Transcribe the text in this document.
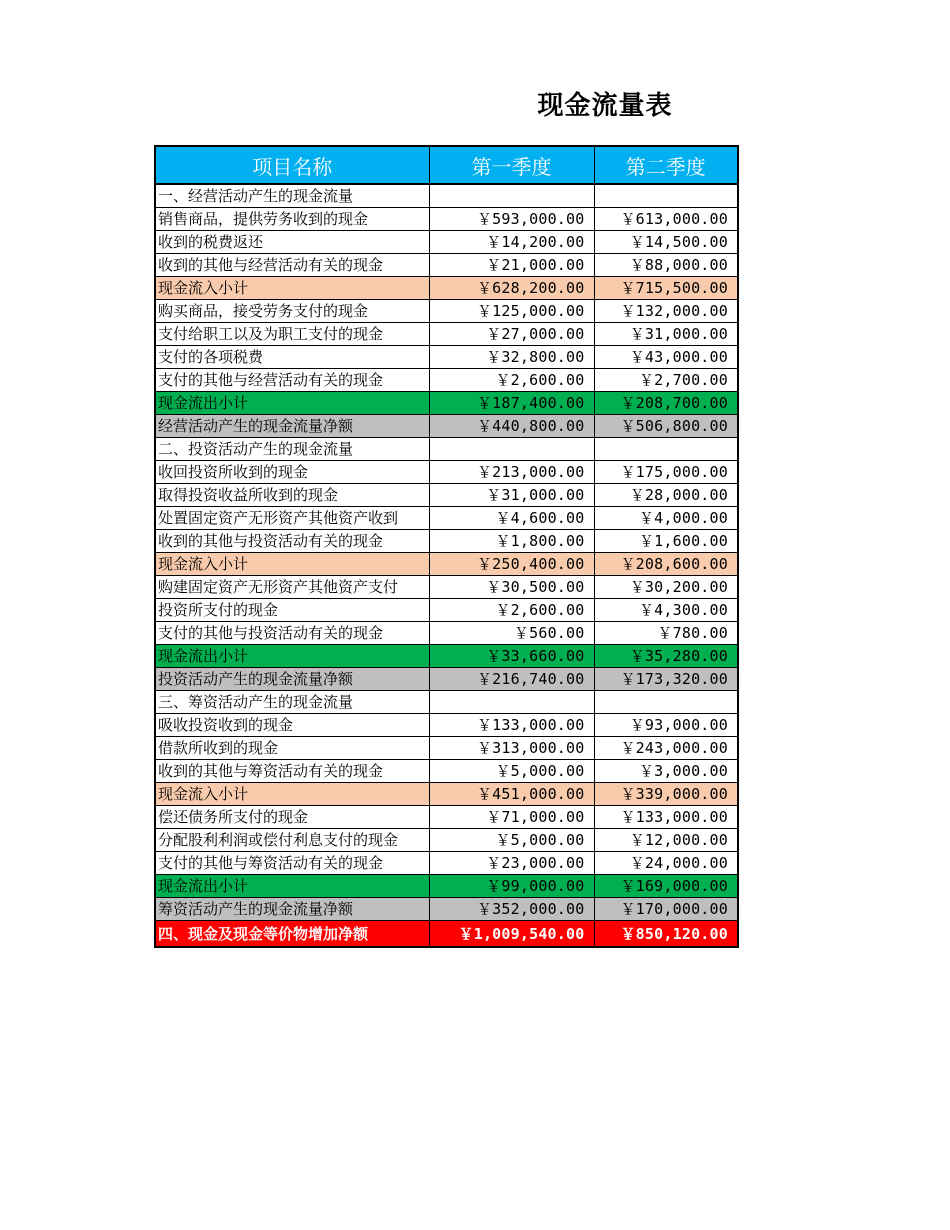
现金流量表
项目名称	第一季度	第二季度
一、经营活动产生的现金流量		
销售商品，提供劳务收到的现金	￥593,000.00	￥613,000.00
收到的税费返还	￥14,200.00	￥14,500.00
收到的其他与经营活动有关的现金	￥21,000.00	￥88,000.00
现金流入小计	￥628,200.00	￥715,500.00
购买商品，接受劳务支付的现金	￥125,000.00	￥132,000.00
支付给职工以及为职工支付的现金	￥27,000.00	￥31,000.00
支付的各项税费	￥32,800.00	￥43,000.00
支付的其他与经营活动有关的现金	￥2,600.00	￥2,700.00
现金流出小计	￥187,400.00	￥208,700.00
经营活动产生的现金流量净额	￥440,800.00	￥506,800.00
二、投资活动产生的现金流量		
收回投资所收到的现金	￥213,000.00	￥175,000.00
取得投资收益所收到的现金	￥31,000.00	￥28,000.00
处置固定资产无形资产其他资产收到	￥4,600.00	￥4,000.00
收到的其他与投资活动有关的现金	￥1,800.00	￥1,600.00
现金流入小计	￥250,400.00	￥208,600.00
购建固定资产无形资产其他资产支付	￥30,500.00	￥30,200.00
投资所支付的现金	￥2,600.00	￥4,300.00
支付的其他与投资活动有关的现金	￥560.00	￥780.00
现金流出小计	￥33,660.00	￥35,280.00
投资活动产生的现金流量净额	￥216,740.00	￥173,320.00
三、筹资活动产生的现金流量		
吸收投资收到的现金	￥133,000.00	￥93,000.00
借款所收到的现金	￥313,000.00	￥243,000.00
收到的其他与筹资活动有关的现金	￥5,000.00	￥3,000.00
现金流入小计	￥451,000.00	￥339,000.00
偿还债务所支付的现金	￥71,000.00	￥133,000.00
分配股利利润或偿付利息支付的现金	￥5,000.00	￥12,000.00
支付的其他与筹资活动有关的现金	￥23,000.00	￥24,000.00
现金流出小计	￥99,000.00	￥169,000.00
筹资活动产生的现金流量净额	￥352,000.00	￥170,000.00
四、现金及现金等价物增加净额	￥1,009,540.00	￥850,120.00
